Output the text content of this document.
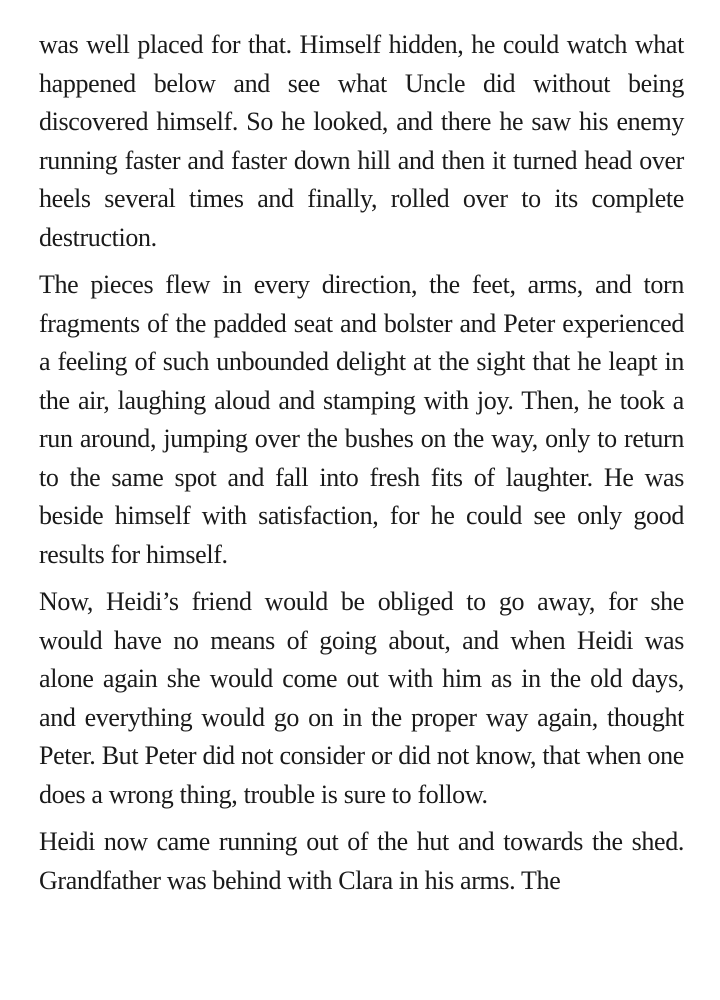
was well placed for that. Himself hidden, he could watch what happened below and see what Uncle did without being discovered himself. So he looked, and there he saw his enemy running faster and faster down hill and then it turned head over heels several times and finally, rolled over to its complete destruction.

The pieces flew in every direction, the feet, arms, and torn fragments of the padded seat and bolster and Peter experienced a feeling of such unbounded delight at the sight that he leapt in the air, laughing aloud and stamping with joy. Then, he took a run around, jumping over the bushes on the way, only to return to the same spot and fall into fresh fits of laughter. He was beside himself with satisfaction, for he could see only good results for himself.

Now, Heidi’s friend would be obliged to go away, for she would have no means of going about, and when Heidi was alone again she would come out with him as in the old days, and everything would go on in the proper way again, thought Peter. But Peter did not consider or did not know, that when one does a wrong thing, trouble is sure to follow.

Heidi now came running out of the hut and towards the shed. Grandfather was behind with Clara in his arms. The
